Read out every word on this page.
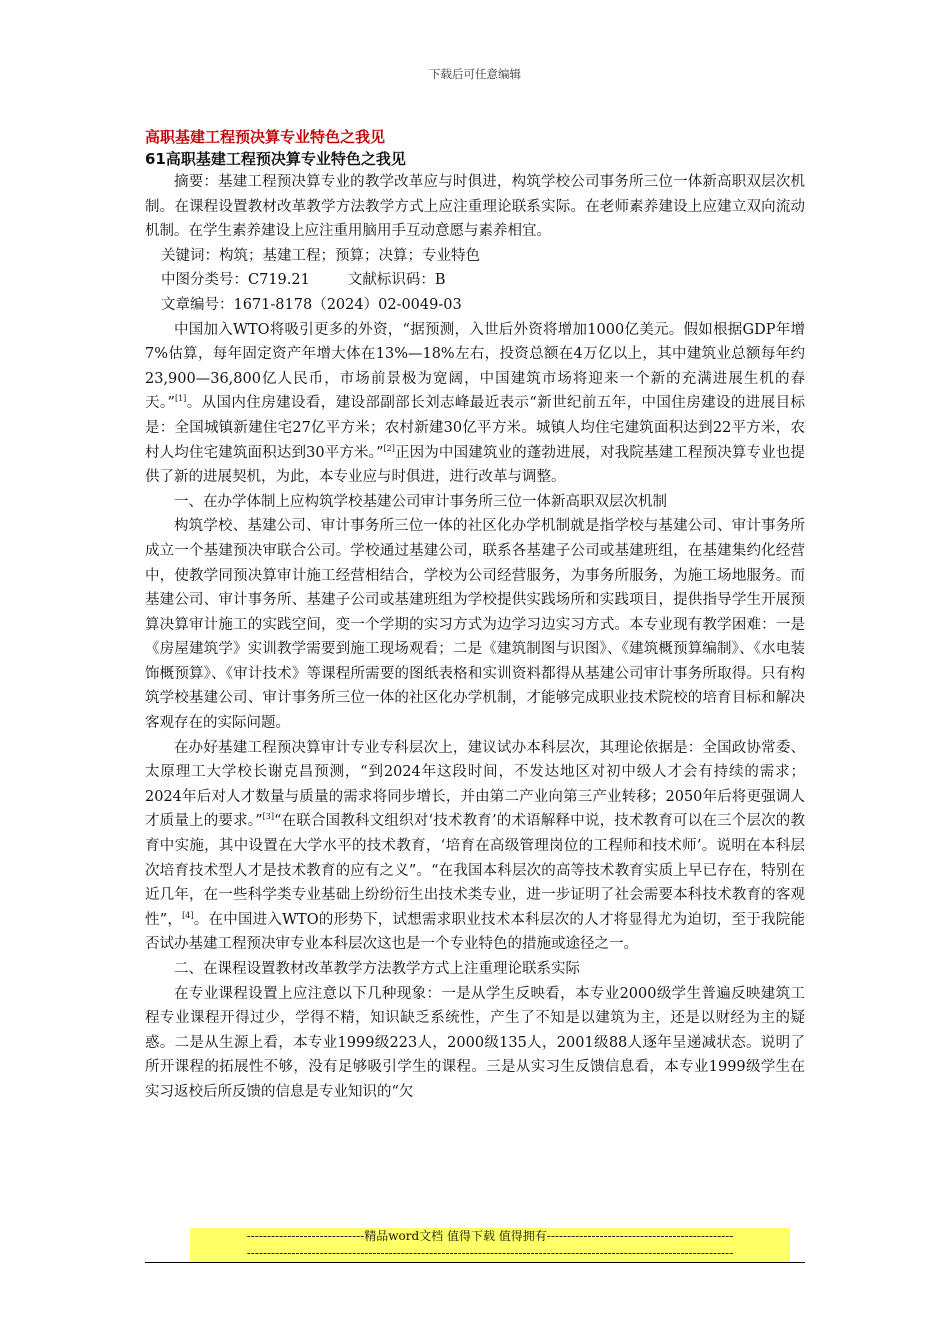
下载后可任意编辑

高职基建工程预决算专业特色之我见

61高职基建工程预决算专业特色之我见

摘要：基建工程预决算专业的教学改革应与时俱进，构筑学校公司事务所三位一体新高职双层次机制。在课程设置教材改革教学方法教学方式上应注重理论联系实际。在老师素养建设上应建立双向流动机制。在学生素养建设上应注重用脑用手互动意愿与素养相宜。

关键词：构筑；基建工程；预算；决算；专业特色

中图分类号：C719.21	文献标识码：B

文章编号：1671-8178（2024）02-0049-03

中国加入WTO将吸引更多的外资，“据预测，入世后外资将增加1000亿美元。假如根据GDP年增7%估算，每年固定资产年增大体在13%—18%左右，投资总额在4万亿以上，其中建筑业总额每年约23,900—36,800亿人民币，市场前景极为宽阔，中国建筑市场将迎来一个新的充满进展生机的春天。”[1]。从国内住房建设看，建设部副部长刘志峰最近表示“新世纪前五年，中国住房建设的进展目标是：全国城镇新建住宅27亿平方米；农村新建30亿平方米。城镇人均住宅建筑面积达到22平方米，农村人均住宅建筑面积达到30平方米。”[2]正因为中国建筑业的蓬勃进展，对我院基建工程预决算专业也提供了新的进展契机，为此，本专业应与时俱进，进行改革与调整。

一、在办学体制上应构筑学校基建公司审计事务所三位一体新高职双层次机制

构筑学校、基建公司、审计事务所三位一体的社区化办学机制就是指学校与基建公司、审计事务所成立一个基建预决审联合公司。学校通过基建公司，联系各基建子公司或基建班组，在基建集约化经营中，使教学同预决算审计施工经营相结合，学校为公司经营服务，为事务所服务，为施工场地服务。而基建公司、审计事务所、基建子公司或基建班组为学校提供实践场所和实践项目，提供指导学生开展预算决算审计施工的实践空间，变一个学期的实习方式为边学习边实习方式。本专业现有教学困难：一是《房屋建筑学》实训教学需要到施工现场观看；二是《建筑制图与识图》、《建筑概预算编制》、《水电装饰概预算》、《审计技术》等课程所需要的图纸表格和实训资料都得从基建公司审计事务所取得。只有构筑学校基建公司、审计事务所三位一体的社区化办学机制，才能够完成职业技术院校的培育目标和解决客观存在的实际问题。

在办好基建工程预决算审计专业专科层次上，建议试办本科层次，其理论依据是：全国政协常委、太原理工大学校长谢克昌预测，“到2024年这段时间，不发达地区对初中级人才会有持续的需求；2024年后对人才数量与质量的需求将同步增长，并由第二产业向第三产业转移；2050年后将更强调人才质量上的要求。”[3]“在联合国教科文组织对‘技术教育’的术语解释中说，技术教育可以在三个层次的教育中实施，其中设置在大学水平的技术教育，‘培育在高级管理岗位的工程师和技术师’。说明在本科层次培育技术型人才是技术教育的应有之义”。“在我国本科层次的高等技术教育实质上早已存在，特别在近几年，在一些科学类专业基础上纷纷衍生出技术类专业，进一步证明了社会需要本科技术教育的客观性”，[4]。在中国进入WTO的形势下，试想需求职业技术本科层次的人才将显得尤为迫切，至于我院能否试办基建工程预决审专业本科层次这也是一个专业特色的措施或途径之一。

二、在课程设置教材改革教学方法教学方式上注重理论联系实际

在专业课程设置上应注意以下几种现象：一是从学生反映看，本专业2000级学生普遍反映建筑工程专业课程开得过少，学得不精，知识缺乏系统性，产生了不知是以建筑为主，还是以财经为主的疑惑。二是从生源上看，本专业1999级223人，2000级135人，2001级88人逐年呈递减状态。说明了所开课程的拓展性不够，没有足够吸引学生的课程。三是从实习生反馈信息看，本专业1999级学生在实习返校后所反馈的信息是专业知识的“欠

-----------------------------精品word文档 值得下载 值得拥有----------------------------------------------
------------------------------------------------------------------------------------------------------------------------
